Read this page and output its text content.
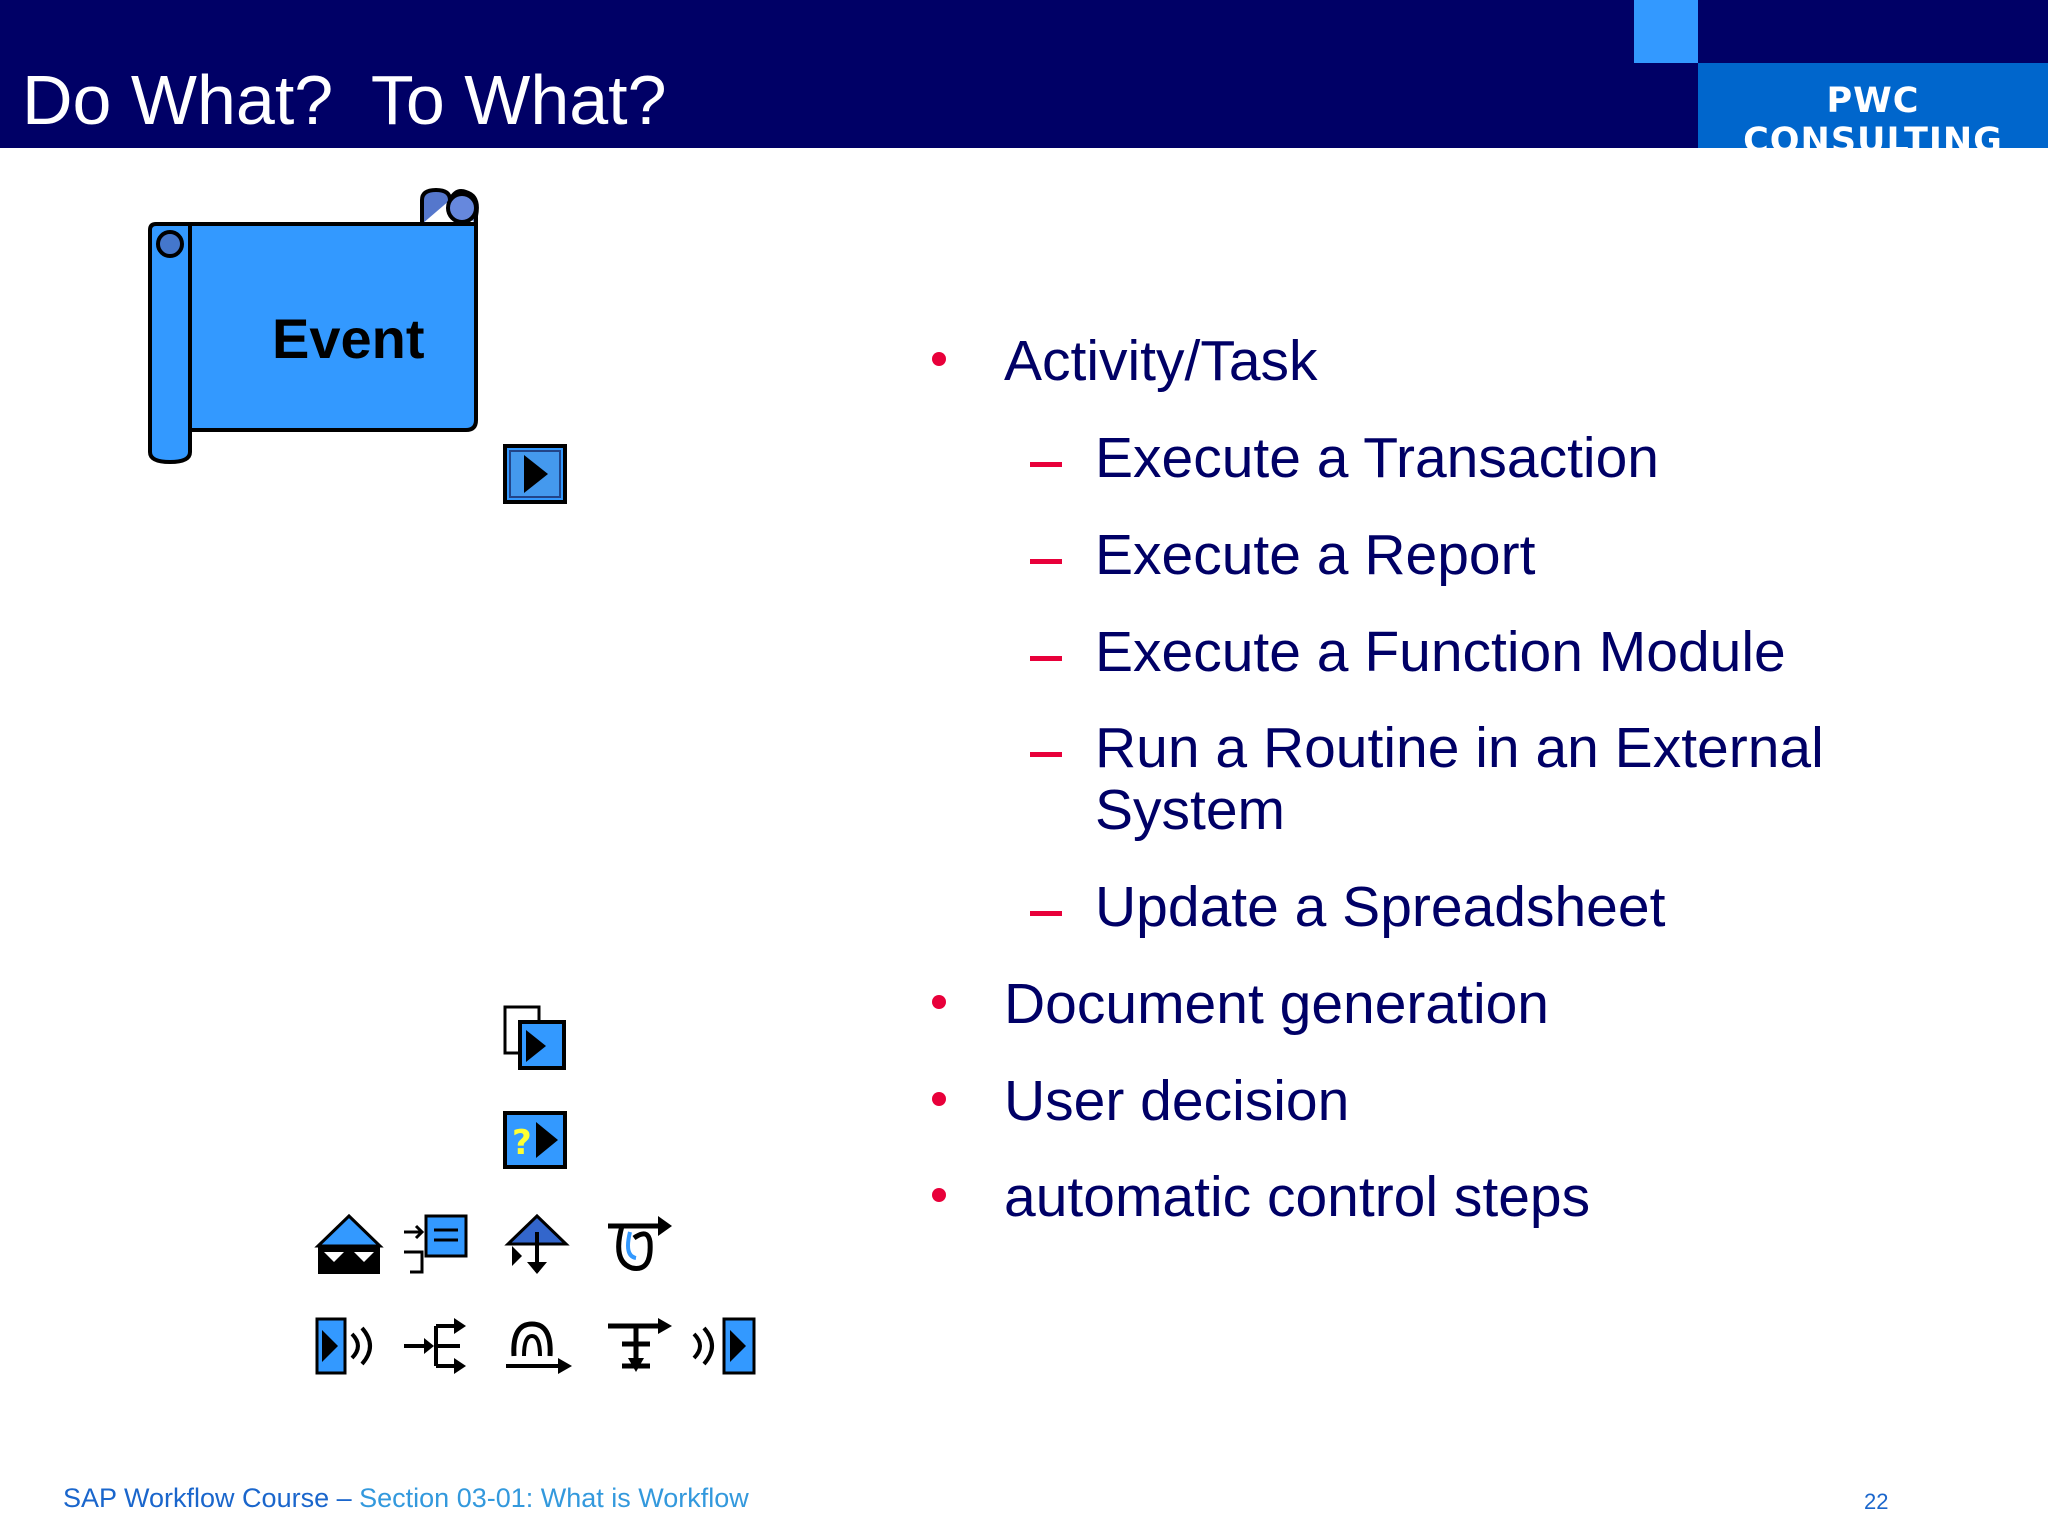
Do What?  To What?	PWC CONSULTING
Event
?
Activity/Task
Execute a Transaction
Execute a Report
Execute a Function Module
Run a Routine in an External
System
Update a Spreadsheet
Document generation
User decision
automatic control steps
SAP Workflow Course – Section 03-01: What is Workflow	22
